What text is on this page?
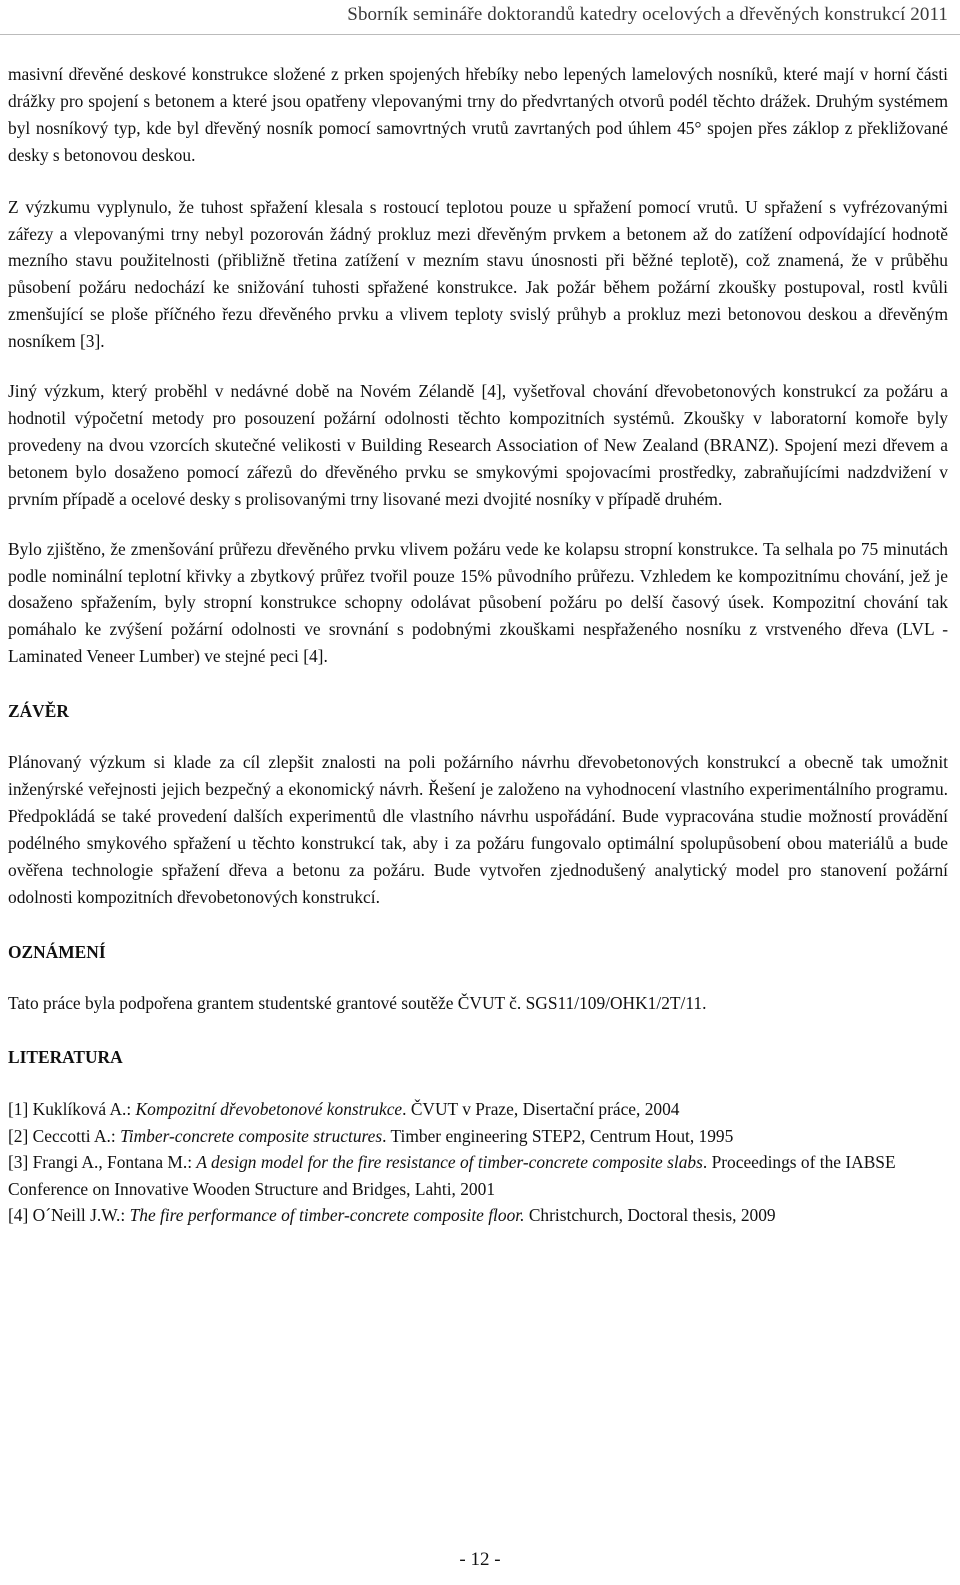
Sborník semináře doktorandů katedry ocelových a dřevěných konstrukcí 2011

masivní dřevěné deskové konstrukce složené z prken spojených hřebíky nebo lepených lamelových nosníků, které mají v horní části drážky pro spojení s betonem a které jsou opatřeny vlepovanými trny do předvrtaných otvorů podél těchto drážek. Druhým systémem byl nosníkový typ, kde byl dřevěný nosník pomocí samovrtných vrutů zavrtaných pod úhlem 45° spojen přes záklop z překližované desky s betonovou deskou.

Z výzkumu vyplynulo, že tuhost spřažení klesala s rostoucí teplotou pouze u spřažení pomocí vrutů. U spřažení s vyfrézovanými zářezy a vlepovanými trny nebyl pozorován žádný prokluz mezi dřevěným prvkem a betonem až do zatížení odpovídající hodnotě mezního stavu použitelnosti (přibližně třetina zatížení v mezním stavu únosnosti při běžné teplotě), což znamená, že v průběhu působení požáru nedochází ke snižování tuhosti spřažené konstrukce. Jak požár během požární zkoušky postupoval, rostl kvůli zmenšující se ploše příčného řezu dřevěného prvku a vlivem teploty svislý průhyb a prokluz mezi betonovou deskou a dřevěným nosníkem [3].

Jiný výzkum, který proběhl v nedávné době na Novém Zélandě [4], vyšetřoval chování dřevobetonových konstrukcí za požáru a hodnotil výpočetní metody pro posouzení požární odolnosti těchto kompozitních systémů. Zkoušky v laboratorní komoře byly provedeny na dvou vzorcích skutečné velikosti v Building Research Association of New Zealand (BRANZ). Spojení mezi dřevem a betonem bylo dosaženo pomocí zářezů do dřevěného prvku se smykovými spojovacími prostředky, zabraňujícími nadzdvižení v prvním případě a ocelové desky s prolisovanými trny lisované mezi dvojité nosníky v případě druhém.

Bylo zjištěno, že zmenšování průřezu dřevěného prvku vlivem požáru vede ke kolapsu stropní konstrukce. Ta selhala po 75 minutách podle nominální teplotní křivky a zbytkový průřez tvořil pouze 15% původního průřezu. Vzhledem ke kompozitnímu chování, jež je dosaženo spřažením, byly stropní konstrukce schopny odolávat působení požáru po delší časový úsek. Kompozitní chování tak pomáhalo ke zvýšení požární odolnosti ve srovnání s podobnými zkouškami nespřaženého nosníku z vrstveného dřeva (LVL - Laminated Veneer Lumber) ve stejné peci [4].

ZÁVĚR

Plánovaný výzkum si klade za cíl zlepšit znalosti na poli požárního návrhu dřevobetonových konstrukcí a obecně tak umožnit inženýrské veřejnosti jejich bezpečný a ekonomický návrh. Řešení je založeno na vyhodnocení vlastního experimentálního programu. Předpokládá se také provedení dalších experimentů dle vlastního návrhu uspořádání. Bude vypracována studie možností provádění podélného smykového spřažení u těchto konstrukcí tak, aby i za požáru fungovalo optimální spolupůsobení obou materiálů a bude ověřena technologie spřažení dřeva a betonu za požáru. Bude vytvořen zjednodušený analytický model pro stanovení požární odolnosti kompozitních dřevobetonových konstrukcí.

OZNÁMENÍ

Tato práce byla podpořena grantem studentské grantové soutěže ČVUT č. SGS11/109/OHK1/2T/11.

LITERATURA
[1] Kuklíková A.: Kompozitní dřevobetonové konstrukce. ČVUT v Praze, Disertační práce, 2004
[2] Ceccotti A.: Timber-concrete composite structures. Timber engineering STEP2, Centrum Hout, 1995
[3] Frangi A., Fontana M.: A design model for the fire resistance of timber-concrete composite slabs. Proceedings of the IABSE Conference on Innovative Wooden Structure and Bridges, Lahti, 2001
[4] O´Neill J.W.: The fire performance of timber-concrete composite floor. Christchurch, Doctoral thesis, 2009
- 12 -
